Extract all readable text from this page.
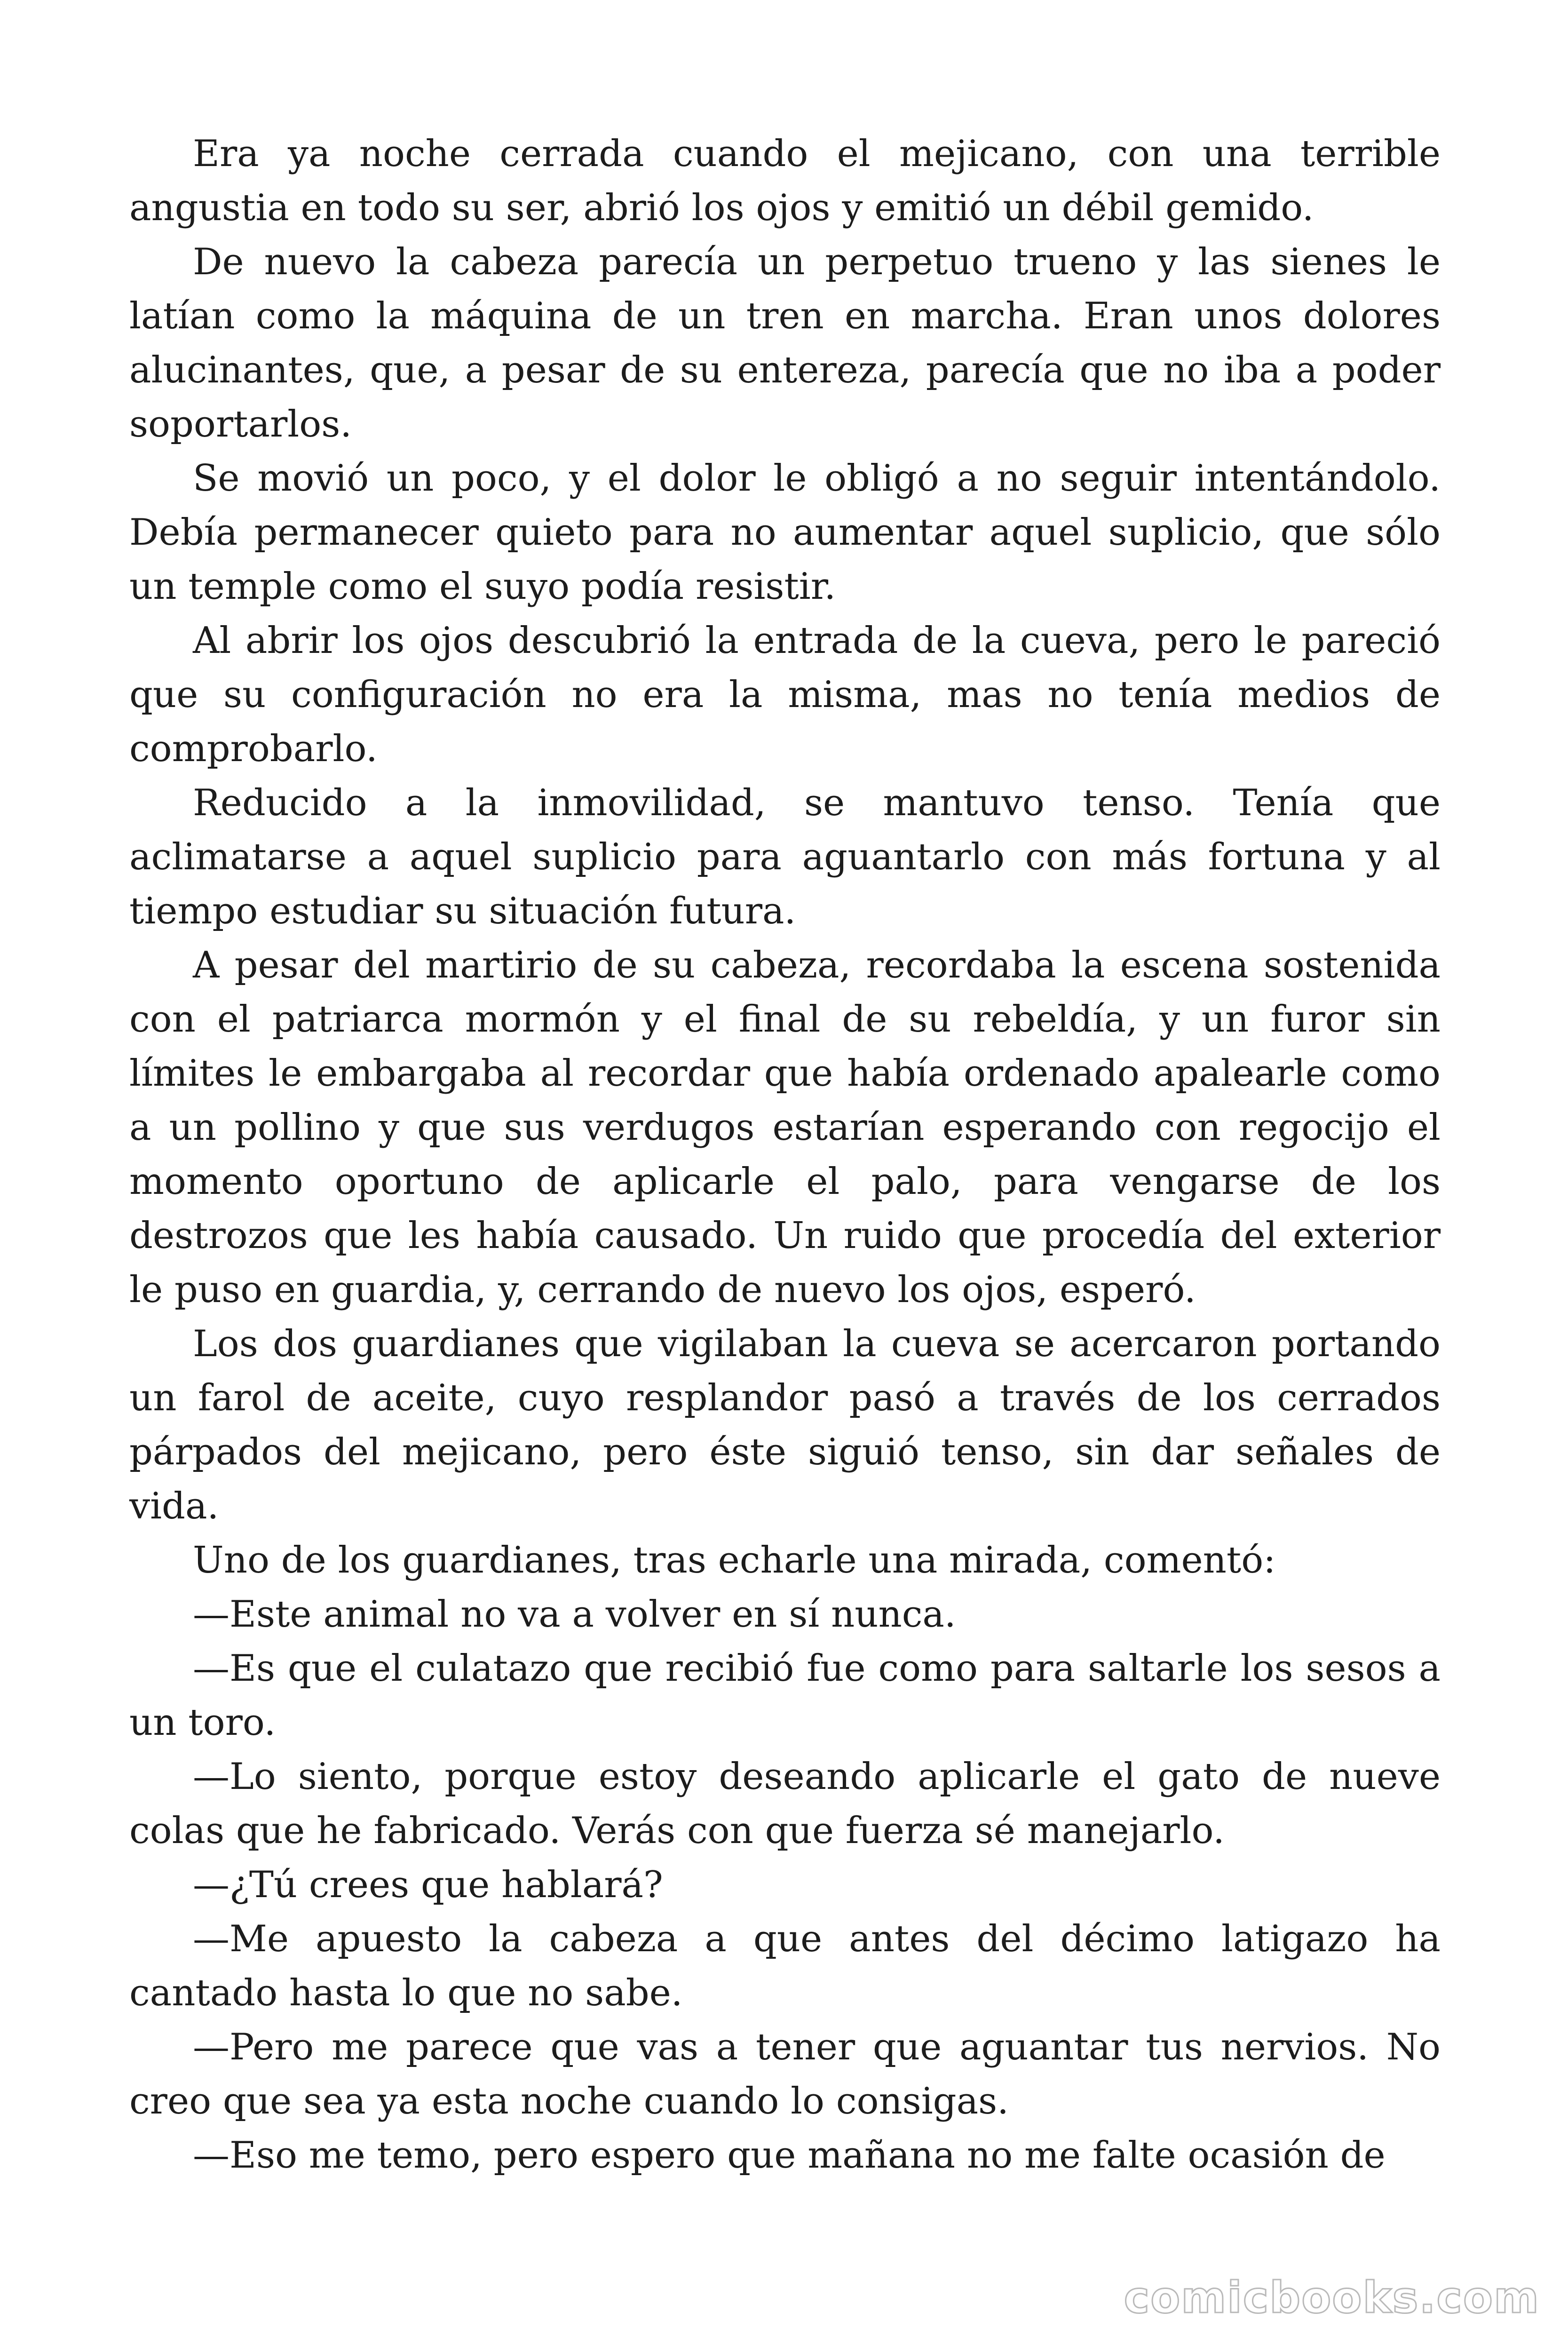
Era ya noche cerrada cuando el mejicano, con una terrible angustia en todo su ser, abrió los ojos y emitió un débil gemido.

De nuevo la cabeza parecía un perpetuo trueno y las sienes le latían como la máquina de un tren en marcha. Eran unos dolores alucinantes, que, a pesar de su entereza, parecía que no iba a poder soportarlos.

Se movió un poco, y el dolor le obligó a no seguir intentándolo. Debía permanecer quieto para no aumentar aquel suplicio, que sólo un temple como el suyo podía resistir.

Al abrir los ojos descubrió la entrada de la cueva, pero le pareció que su configuración no era la misma, mas no tenía medios de comprobarlo.

Reducido a la inmovilidad, se mantuvo tenso. Tenía que aclimatarse a aquel suplicio para aguantarlo con más fortuna y al tiempo estudiar su situación futura.

A pesar del martirio de su cabeza, recordaba la escena sostenida con el patriarca mormón y el final de su rebeldía, y un furor sin límites le embargaba al recordar que había ordenado apalearle como a un pollino y que sus verdugos estarían esperando con regocijo el momento oportuno de aplicarle el palo, para vengarse de los destrozos que les había causado. Un ruido que procedía del exterior le puso en guardia, y, cerrando de nuevo los ojos, esperó.

Los dos guardianes que vigilaban la cueva se acercaron portando un farol de aceite, cuyo resplandor pasó a través de los cerrados párpados del mejicano, pero éste siguió tenso, sin dar señales de vida.

Uno de los guardianes, tras echarle una mirada, comentó:

—Este animal no va a volver en sí nunca.

—Es que el culatazo que recibió fue como para saltarle los sesos a un toro.

—Lo siento, porque estoy deseando aplicarle el gato de nueve colas que he fabricado. Verás con que fuerza sé manejarlo.

—¿Tú crees que hablará?

—Me apuesto la cabeza a que antes del décimo latigazo ha cantado hasta lo que no sabe.

—Pero me parece que vas a tener que aguantar tus nervios. No creo que sea ya esta noche cuando lo consigas.

—Eso me temo, pero espero que mañana no me falte ocasión de

comicbooks.com
